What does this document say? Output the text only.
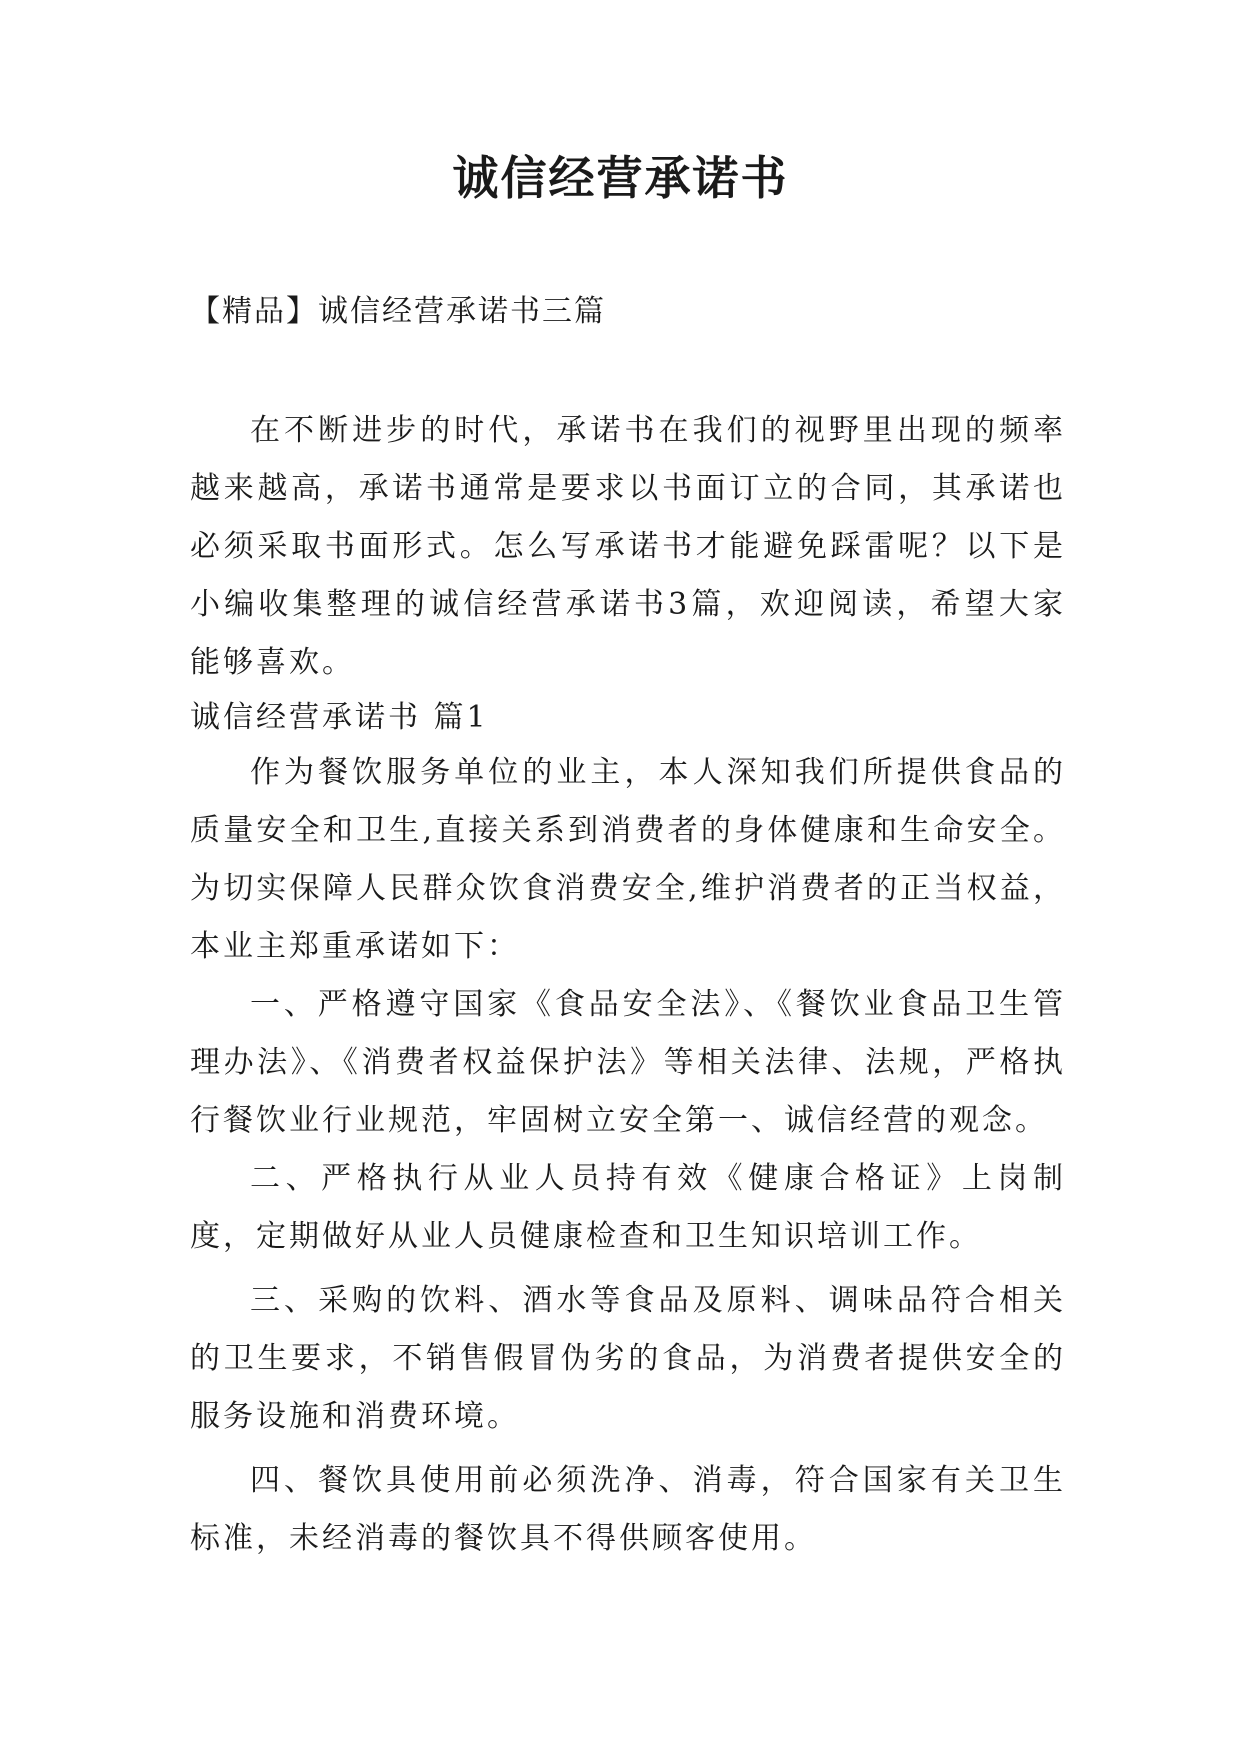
诚信经营承诺书
【精品】诚信经营承诺书三篇

在不断进步的时代，承诺书在我们的视野里出现的频率越来越高，承诺书通常是要求以书面订立的合同，其承诺也必须采取书面形式。怎么写承诺书才能避免踩雷呢？以下是小编收集整理的诚信经营承诺书3篇，欢迎阅读，希望大家能够喜欢。

诚信经营承诺书 篇1

作为餐饮服务单位的业主，本人深知我们所提供食品的质量安全和卫生,直接关系到消费者的身体健康和生命安全。为切实保障人民群众饮食消费安全,维护消费者的正当权益，本业主郑重承诺如下：

一、严格遵守国家《食品安全法》、《餐饮业食品卫生管理办法》、《消费者权益保护法》等相关法律、法规，严格执行餐饮业行业规范，牢固树立安全第一、诚信经营的观念。

二、严格执行从业人员持有效《健康合格证》上岗制度，定期做好从业人员健康检查和卫生知识培训工作。

三、采购的饮料、酒水等食品及原料、调味品符合相关的卫生要求，不销售假冒伪劣的食品，为消费者提供安全的服务设施和消费环境。

四、餐饮具使用前必须洗净、消毒，符合国家有关卫生标准，未经消毒的餐饮具不得供顾客使用。
